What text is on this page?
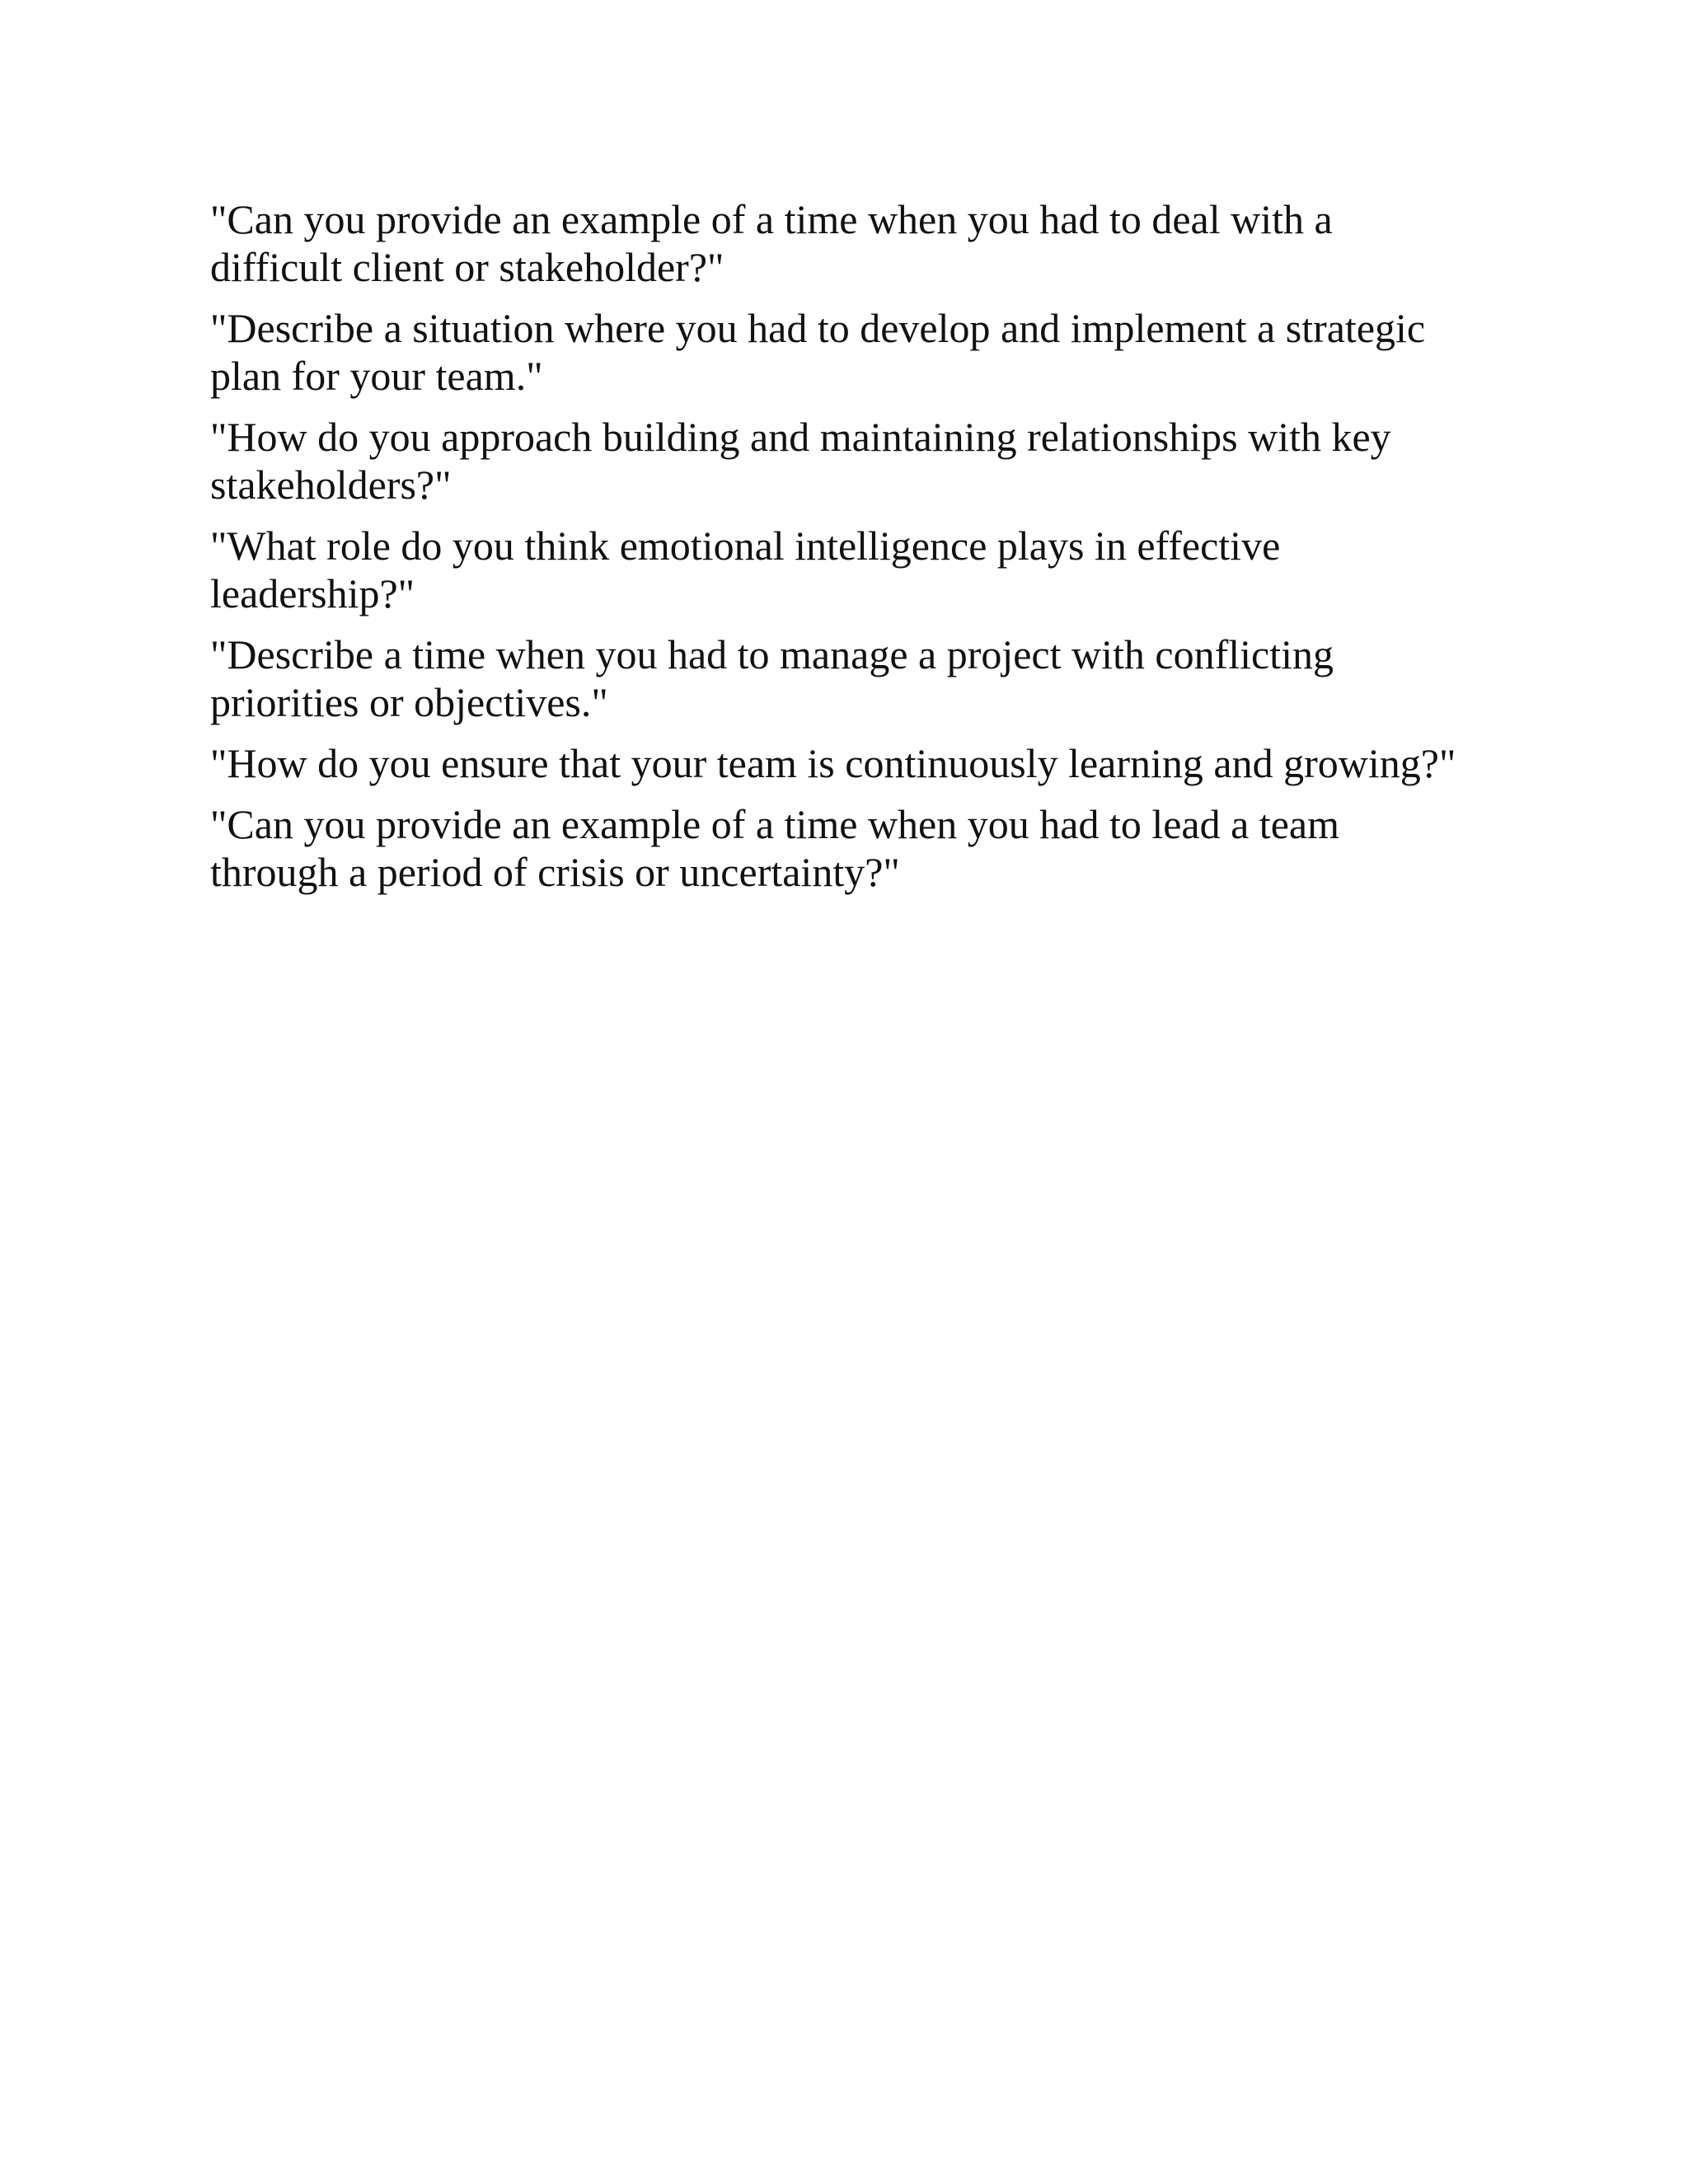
"Can you provide an example of a time when you had to deal with a
difficult client or stakeholder?"

"Describe a situation where you had to develop and implement a strategic
plan for your team."

"How do you approach building and maintaining relationships with key
stakeholders?"

"What role do you think emotional intelligence plays in effective
leadership?"

"Describe a time when you had to manage a project with conflicting
priorities or objectives."

"How do you ensure that your team is continuously learning and growing?"

"Can you provide an example of a time when you had to lead a team
through a period of crisis or uncertainty?"
